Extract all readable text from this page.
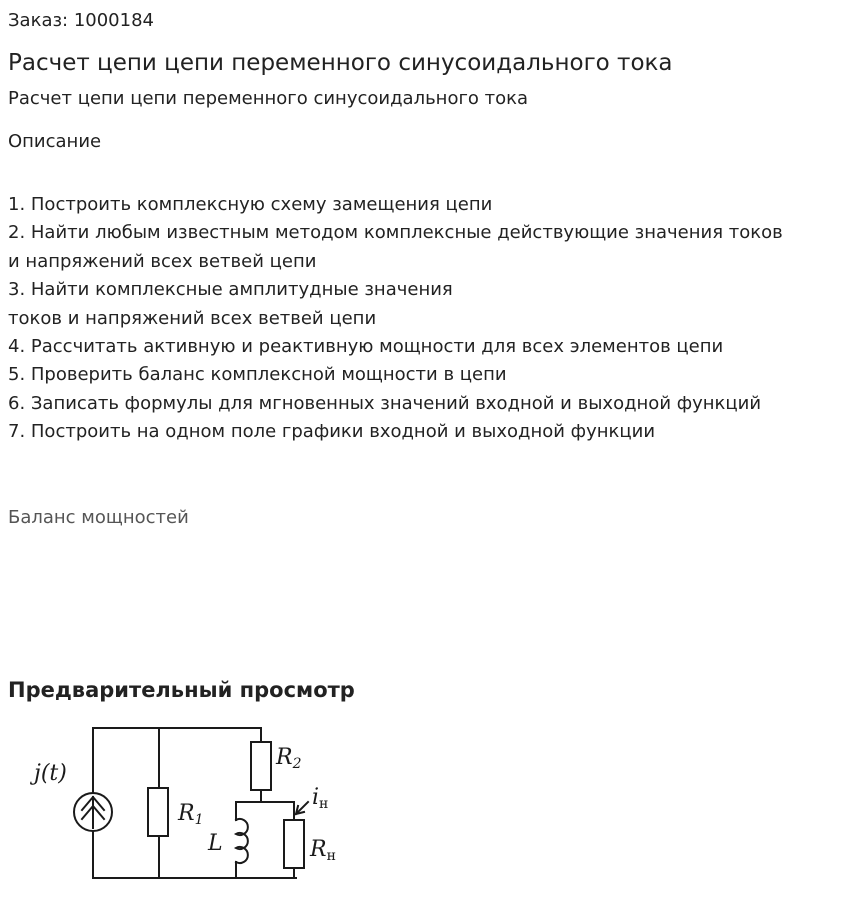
Заказ: 1000184
Расчет цепи цепи переменного синусоидального тока
Расчет цепи цепи переменного синусоидального тока
Описание
1. Построить комплексную схему замещения цепи
2. Найти любым известным методом комплексные действующие значения токов
и напряжений всех ветвей цепи
3. Найти комплексные амплитудные значения
токов и напряжений всех ветвей цепи
4. Рассчитать активную и реактивную мощности для всех элементов цепи
5. Проверить баланс комплексной мощности в цепи
6. Записать формулы для мгновенных значений входной и выходной функций
7. Построить на одном поле графики входной и выходной функции
Баланс мощностей
Предварительный просмотр
j(t)
R1
R2
L
iн
Rн
